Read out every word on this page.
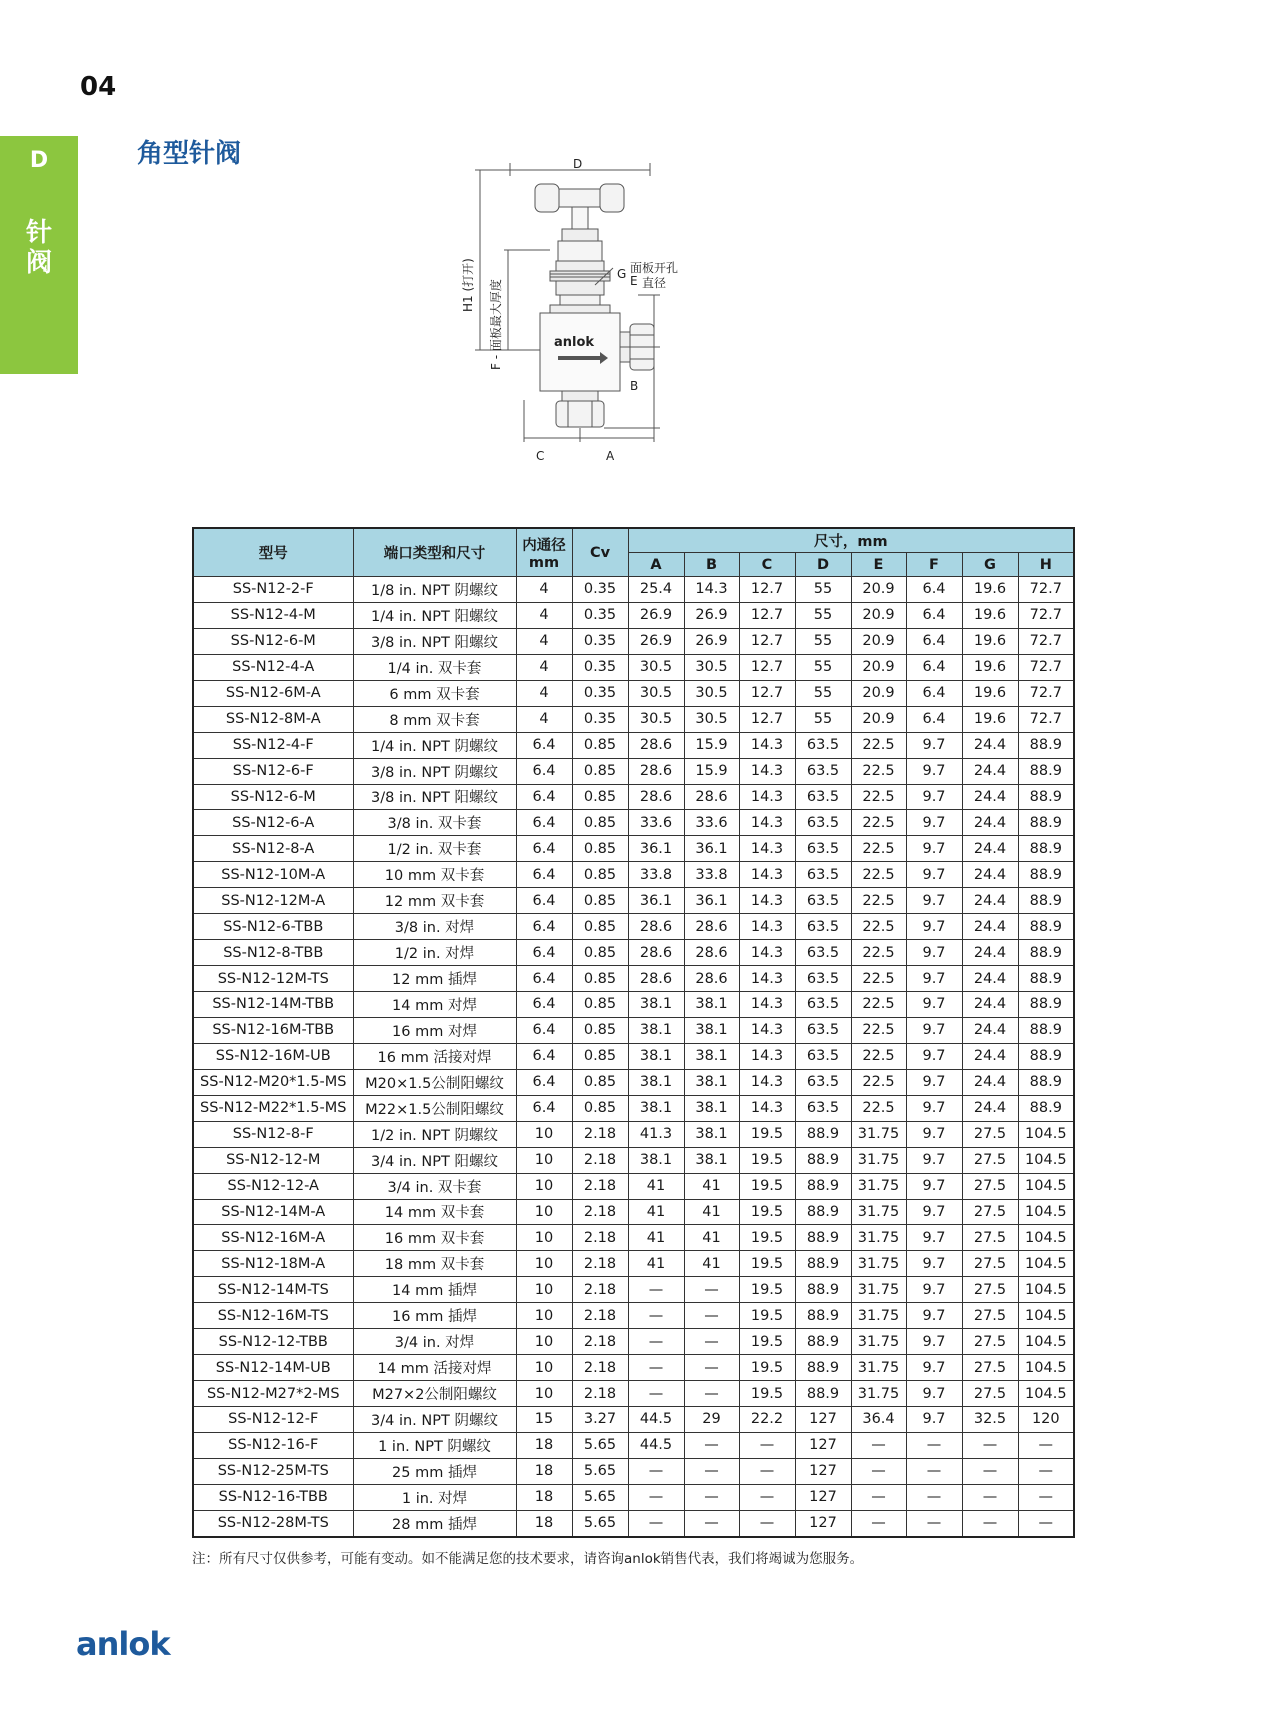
04
D
针
阀
角型针阀	D
E
B
C	A
G 面板开孔
直径
H1 (打开) F - 面板最大厚度	anlok
型号	端口类型和尺寸	内通径
mm	Cv	尺寸，mm							
				A	B	C	D	E	F	G	H
SS-N12-2-F	1/8 in. NPT 阴螺纹	4	0.35	25.4	14.3	12.7	55	20.9	6.4	19.6	72.7
SS-N12-4-M	1/4 in. NPT 阳螺纹	4	0.35	26.9	26.9	12.7	55	20.9	6.4	19.6	72.7
SS-N12-6-M	3/8 in. NPT 阳螺纹	4	0.35	26.9	26.9	12.7	55	20.9	6.4	19.6	72.7
SS-N12-4-A	1/4 in. 双卡套	4	0.35	30.5	30.5	12.7	55	20.9	6.4	19.6	72.7
SS-N12-6M-A	6 mm 双卡套	4	0.35	30.5	30.5	12.7	55	20.9	6.4	19.6	72.7
SS-N12-8M-A	8 mm 双卡套	4	0.35	30.5	30.5	12.7	55	20.9	6.4	19.6	72.7
SS-N12-4-F	1/4 in. NPT 阴螺纹	6.4	0.85	28.6	15.9	14.3	63.5	22.5	9.7	24.4	88.9
SS-N12-6-F	3/8 in. NPT 阴螺纹	6.4	0.85	28.6	15.9	14.3	63.5	22.5	9.7	24.4	88.9
SS-N12-6-M	3/8 in. NPT 阳螺纹	6.4	0.85	28.6	28.6	14.3	63.5	22.5	9.7	24.4	88.9
SS-N12-6-A	3/8 in. 双卡套	6.4	0.85	33.6	33.6	14.3	63.5	22.5	9.7	24.4	88.9
SS-N12-8-A	1/2 in. 双卡套	6.4	0.85	36.1	36.1	14.3	63.5	22.5	9.7	24.4	88.9
SS-N12-10M-A	10 mm 双卡套	6.4	0.85	33.8	33.8	14.3	63.5	22.5	9.7	24.4	88.9
SS-N12-12M-A	12 mm 双卡套	6.4	0.85	36.1	36.1	14.3	63.5	22.5	9.7	24.4	88.9
SS-N12-6-TBB	3/8 in. 对焊	6.4	0.85	28.6	28.6	14.3	63.5	22.5	9.7	24.4	88.9
SS-N12-8-TBB	1/2 in. 对焊	6.4	0.85	28.6	28.6	14.3	63.5	22.5	9.7	24.4	88.9
SS-N12-12M-TS	12 mm 插焊	6.4	0.85	28.6	28.6	14.3	63.5	22.5	9.7	24.4	88.9
SS-N12-14M-TBB	14 mm 对焊	6.4	0.85	38.1	38.1	14.3	63.5	22.5	9.7	24.4	88.9
SS-N12-16M-TBB	16 mm 对焊	6.4	0.85	38.1	38.1	14.3	63.5	22.5	9.7	24.4	88.9
SS-N12-16M-UB	16 mm 活接对焊	6.4	0.85	38.1	38.1	14.3	63.5	22.5	9.7	24.4	88.9
SS-N12-M20*1.5-MS	M20×1.5公制阳螺纹	6.4	0.85	38.1	38.1	14.3	63.5	22.5	9.7	24.4	88.9
SS-N12-M22*1.5-MS	M22×1.5公制阳螺纹	6.4	0.85	38.1	38.1	14.3	63.5	22.5	9.7	24.4	88.9
SS-N12-8-F	1/2 in. NPT 阴螺纹	10	2.18	41.3	38.1	19.5	88.9	31.75	9.7	27.5	104.5
SS-N12-12-M	3/4 in. NPT 阳螺纹	10	2.18	38.1	38.1	19.5	88.9	31.75	9.7	27.5	104.5
SS-N12-12-A	3/4 in. 双卡套	10	2.18	41	41	19.5	88.9	31.75	9.7	27.5	104.5
SS-N12-14M-A	14 mm 双卡套	10	2.18	41	41	19.5	88.9	31.75	9.7	27.5	104.5
SS-N12-16M-A	16 mm 双卡套	10	2.18	41	41	19.5	88.9	31.75	9.7	27.5	104.5
SS-N12-18M-A	18 mm 双卡套	10	2.18	41	41	19.5	88.9	31.75	9.7	27.5	104.5
SS-N12-14M-TS	14 mm 插焊	10	2.18	—	—	19.5	88.9	31.75	9.7	27.5	104.5
SS-N12-16M-TS	16 mm 插焊	10	2.18	—	—	19.5	88.9	31.75	9.7	27.5	104.5
SS-N12-12-TBB	3/4 in. 对焊	10	2.18	—	—	19.5	88.9	31.75	9.7	27.5	104.5
SS-N12-14M-UB	14 mm 活接对焊	10	2.18	—	—	19.5	88.9	31.75	9.7	27.5	104.5
SS-N12-M27*2-MS	M27×2公制阳螺纹	10	2.18	—	—	19.5	88.9	31.75	9.7	27.5	104.5
SS-N12-12-F	3/4 in. NPT 阴螺纹	15	3.27	44.5	29	22.2	127	36.4	9.7	32.5	120
SS-N12-16-F	1 in. NPT 阴螺纹	18	5.65	44.5	—	—	127	—	—	—	—
SS-N12-25M-TS	25 mm 插焊	18	5.65	—	—	—	127	—	—	—	—
SS-N12-16-TBB	1 in. 对焊	18	5.65	—	—	—	127	—	—	—	—
SS-N12-28M-TS	28 mm 插焊	18	5.65	—	—	—	127	—	—	—	—
注：所有尺寸仅供参考，可能有变动。如不能满足您的技术要求，请咨询anlok销售代表，我们将竭诚为您服务。
anlok
